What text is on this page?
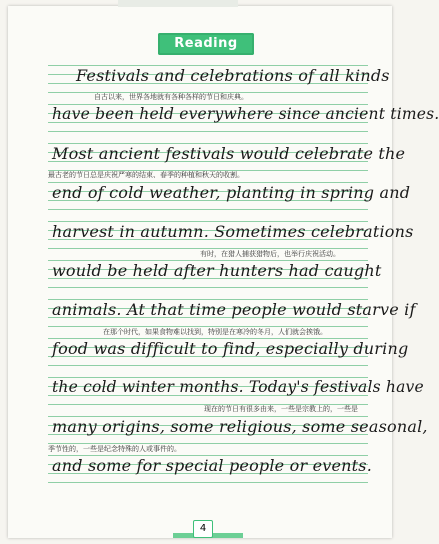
Reading
Festivals and celebrations of all kinds
have been held everywhere since ancient times.
Most ancient festivals would celebrate the
end of cold weather, planting in spring and
harvest in autumn. Sometimes celebrations
would be held after hunters had caught
animals. At that time people would starve if
food was difficult to find, especially during
the cold winter months. Today's festivals have
many origins, some religious, some seasonal,
and some for special people or events.
自古以来，世界各地就有各种各样的节日和庆典。
最古老的节日总是庆祝严寒的结束、春季的种植和秋天的收割。
有时，在猎人捕获猎物后，也举行庆祝活动。
在那个时代，如果食物难以找到，特别是在寒冷的冬月，人们就会挨饿。
现在的节日有很多由来，一些是宗教上的，一些是
季节性的，一些是纪念特殊的人或事件的。
4
